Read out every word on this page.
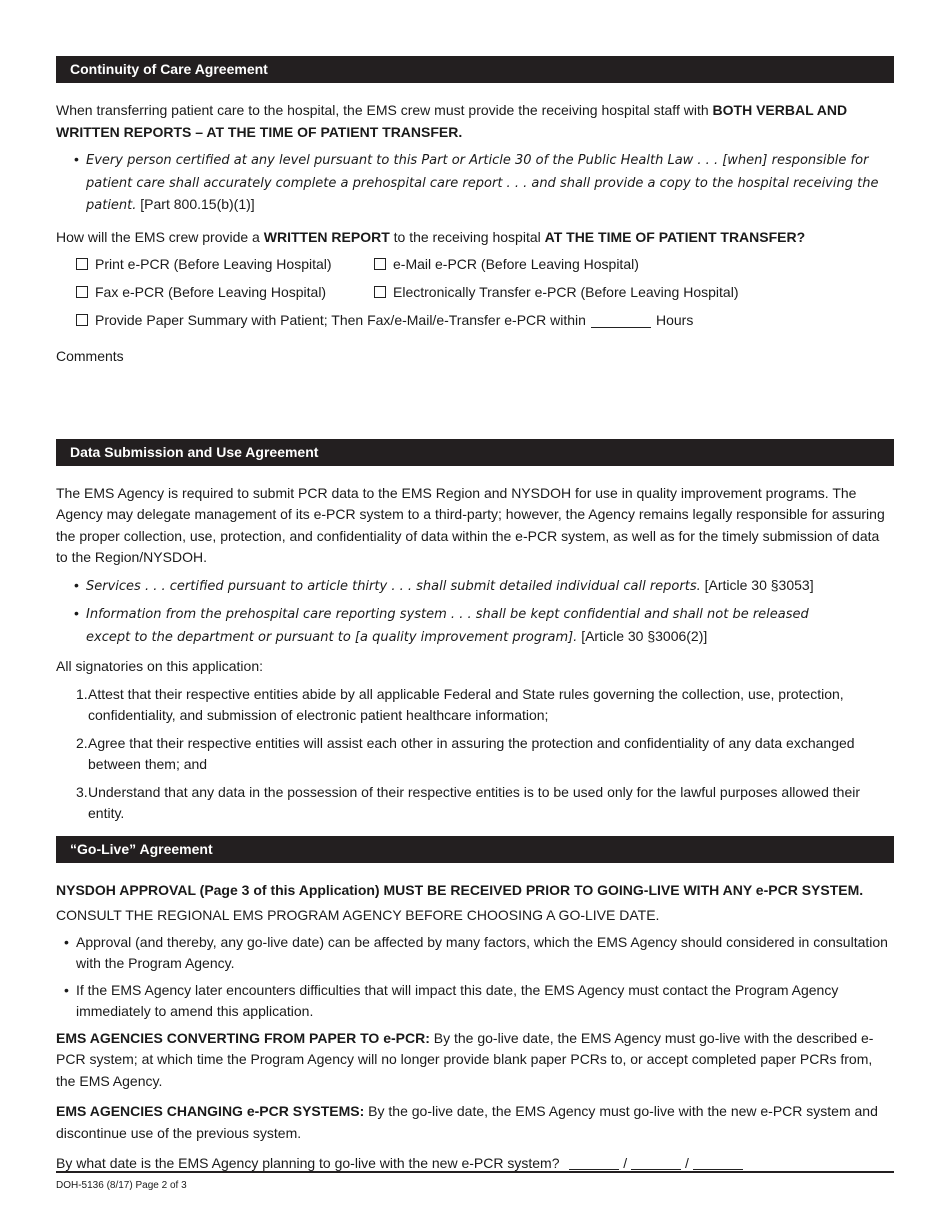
Continuity of Care Agreement

When transferring patient care to the hospital, the EMS crew must provide the receiving hospital staff with BOTH VERBAL AND WRITTEN REPORTS – AT THE TIME OF PATIENT TRANSFER.

• Every person certified at any level pursuant to this Part or Article 30 of the Public Health Law . . . [when] responsible for patient care shall accurately complete a prehospital care report . . . and shall provide a copy to the hospital receiving the patient. [Part 800.15(b)(1)]

How will the EMS crew provide a WRITTEN REPORT to the receiving hospital AT THE TIME OF PATIENT TRANSFER?

Print e-PCR (Before Leaving Hospital)	e-Mail e-PCR (Before Leaving Hospital)
Fax e-PCR (Before Leaving Hospital)	Electronically Transfer e-PCR (Before Leaving Hospital)
Provide Paper Summary with Patient; Then Fax/e-Mail/e-Transfer e-PCR within	Hours

Comments

Data Submission and Use Agreement

The EMS Agency is required to submit PCR data to the EMS Region and NYSDOH for use in quality improvement programs. The Agency may delegate management of its e-PCR system to a third-party; however, the Agency remains legally responsible for assuring the proper collection, use, protection, and confidentiality of data within the e-PCR system, as well as for the timely submission of data to the Region/NYSDOH.

• Services . . . certified pursuant to article thirty . . . shall submit detailed individual call reports. [Article 30 §3053]
• Information from the prehospital care reporting system . . . shall be kept confidential and shall not be released except to the department or pursuant to [a quality improvement program]. [Article 30 §3006(2)]

All signatories on this application:

1. Attest that their respective entities abide by all applicable Federal and State rules governing the collection, use, protection, confidentiality, and submission of electronic patient healthcare information;
2. Agree that their respective entities will assist each other in assuring the protection and confidentiality of any data exchanged between them; and
3. Understand that any data in the possession of their respective entities is to be used only for the lawful purposes allowed their entity.
“Go-Live” Agreement

NYSDOH APPROVAL (Page 3 of this Application) MUST BE RECEIVED PRIOR TO GOING-LIVE WITH ANY e-PCR SYSTEM.

CONSULT THE REGIONAL EMS PROGRAM AGENCY BEFORE CHOOSING A GO-LIVE DATE.

• Approval (and thereby, any go-live date) can be affected by many factors, which the EMS Agency should considered in consultation with the Program Agency.
• If the EMS Agency later encounters difficulties that will impact this date, the EMS Agency must contact the Program Agency immediately to amend this application.

EMS AGENCIES CONVERTING FROM PAPER TO e-PCR: By the go-live date, the EMS Agency must go-live with the described e-PCR system; at which time the Program Agency will no longer provide blank paper PCRs to, or accept completed paper PCRs from, the EMS Agency.

EMS AGENCIES CHANGING e-PCR SYSTEMS: By the go-live date, the EMS Agency must go-live with the new e-PCR system and discontinue use of the previous system.

By what date is the EMS Agency planning to go-live with the new e-PCR system?	/	/

DOH-5136 (8/17) Page 2 of 3
